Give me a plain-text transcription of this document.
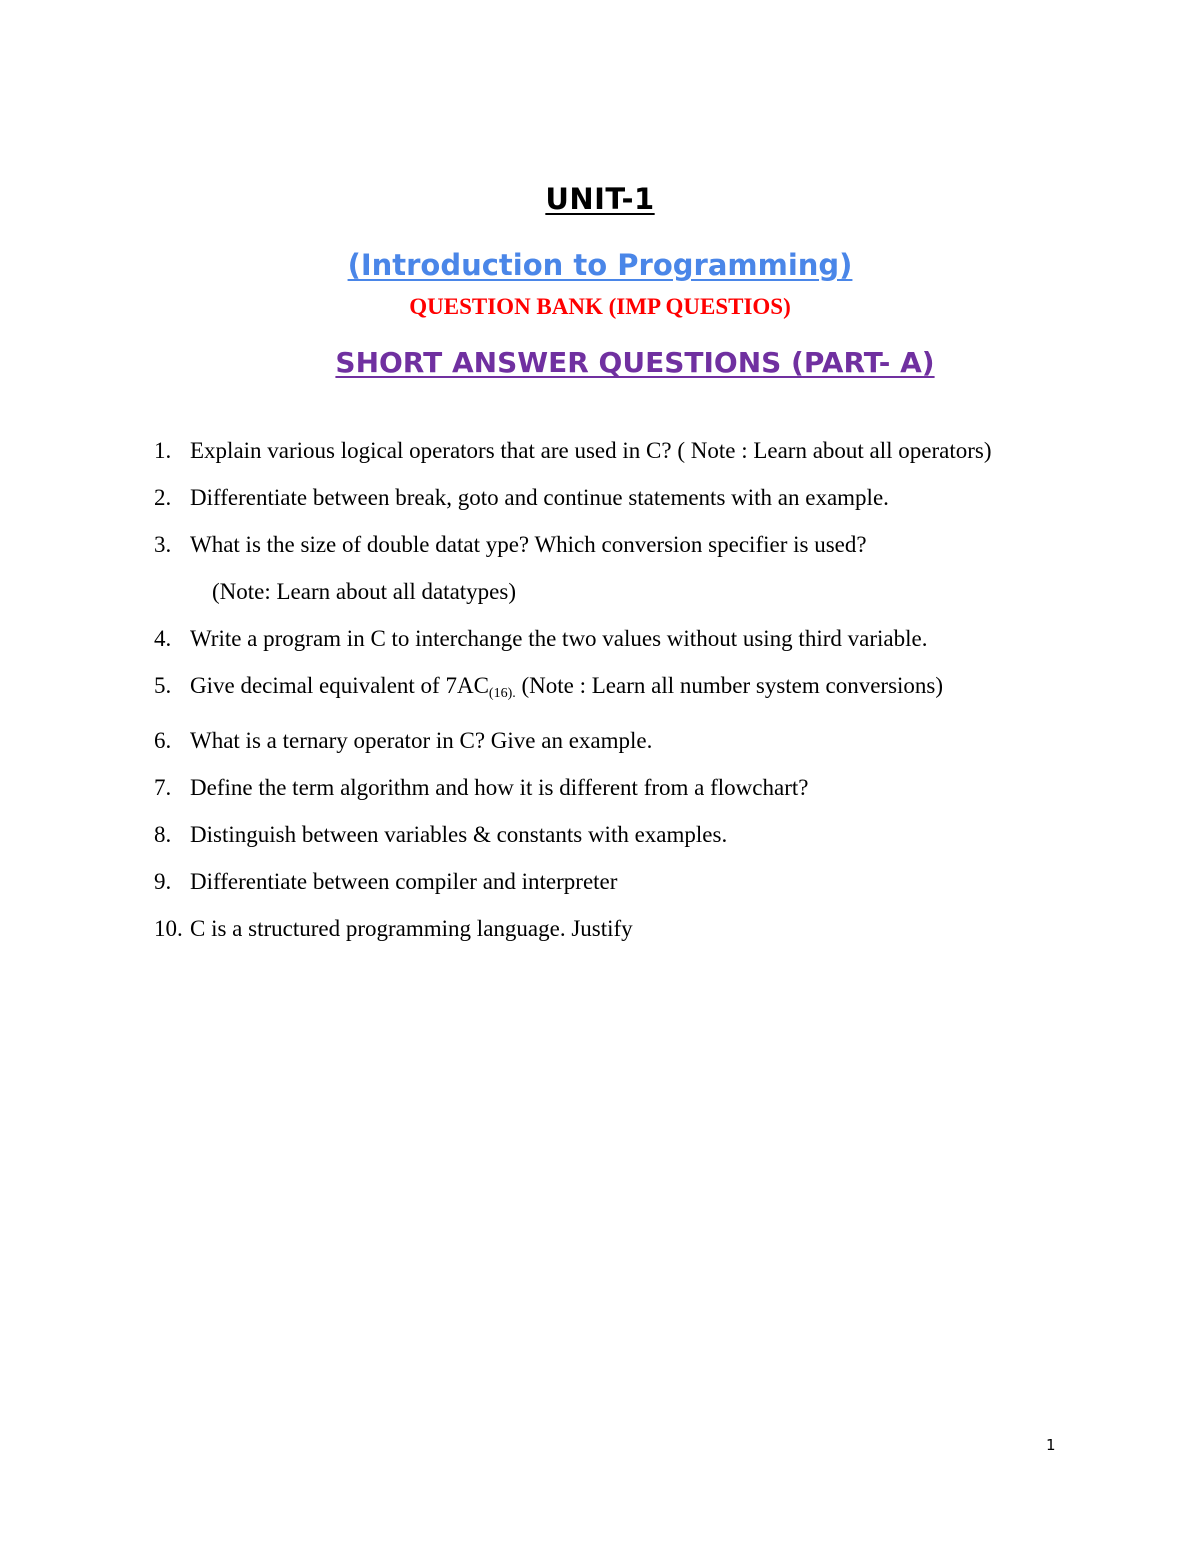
UNIT-1
(Introduction to Programming)
QUESTION BANK (IMP QUESTIOS)
SHORT ANSWER QUESTIONS (PART- A)
1. Explain various logical operators that are used in C? ( Note : Learn about all operators)
2. Differentiate between break, goto and continue statements with an example.
3. What is the size of double datat ype? Which conversion specifier is used?
(Note: Learn about all datatypes)
4. Write a program in C to interchange the two values without using third variable.
5. Give decimal equivalent of $7AC_{(16).}$ (Note : Learn all number system conversions)
6. What is a ternary operator in C? Give an example.
7. Define the term algorithm and how it is different from a flowchart?
8. Distinguish between variables & constants with examples.
9. Differentiate between compiler and interpreter
10. C is a structured programming language. Justify
1
